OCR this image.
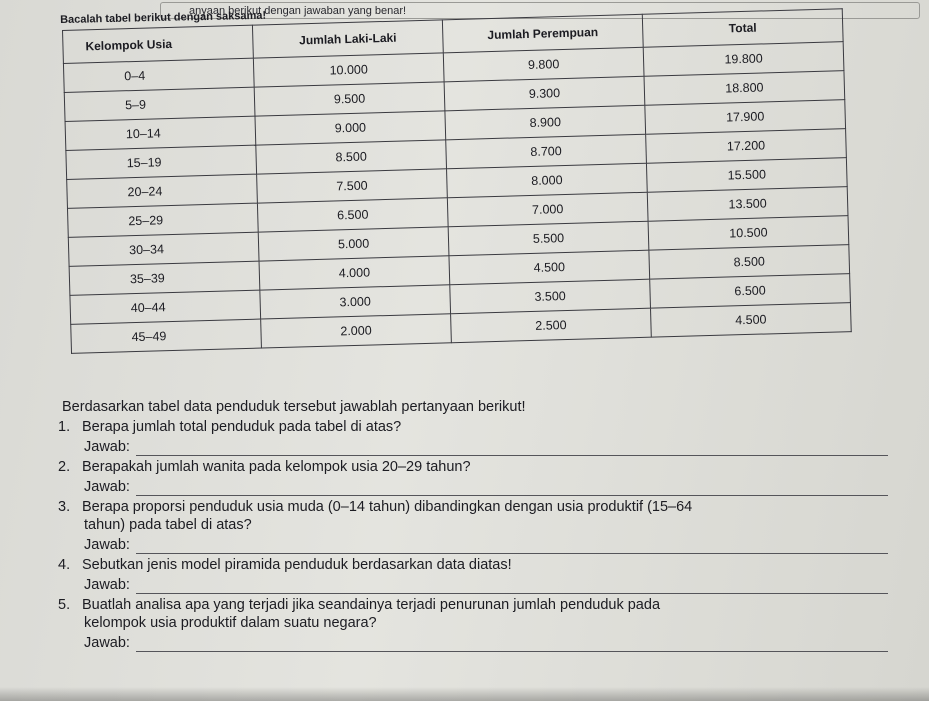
anyaan berikut dengan jawaban yang benar!
Bacalah tabel berikut dengan saksama!
Kelompok Usia	Jumlah Laki-Laki	Jumlah Perempuan	Total
0–4	10.000	9.800	19.800
5–9	9.500	9.300	18.800
10–14	9.000	8.900	17.900
15–19	8.500	8.700	17.200
20–24	7.500	8.000	15.500
25–29	6.500	7.000	13.500
30–34	5.000	5.500	10.500
35–39	4.000	4.500	8.500
40–44	3.000	3.500	6.500
45–49	2.000	2.500	4.500

Berdasarkan tabel data penduduk tersebut jawablah pertanyaan berikut!

1. Berapa jumlah total penduduk pada tabel di atas?
Jawab:
2. Berapakah jumlah wanita pada kelompok usia 20–29 tahun?
Jawab:
3. Berapa proporsi penduduk usia muda (0–14 tahun) dibandingkan dengan usia produktif (15–64
tahun) pada tabel di atas?
Jawab:
4. Sebutkan jenis model piramida penduduk berdasarkan data diatas!
Jawab:
5. Buatlah analisa apa yang terjadi jika seandainya terjadi penurunan jumlah penduduk pada
kelompok usia produktif dalam suatu negara?
Jawab:
